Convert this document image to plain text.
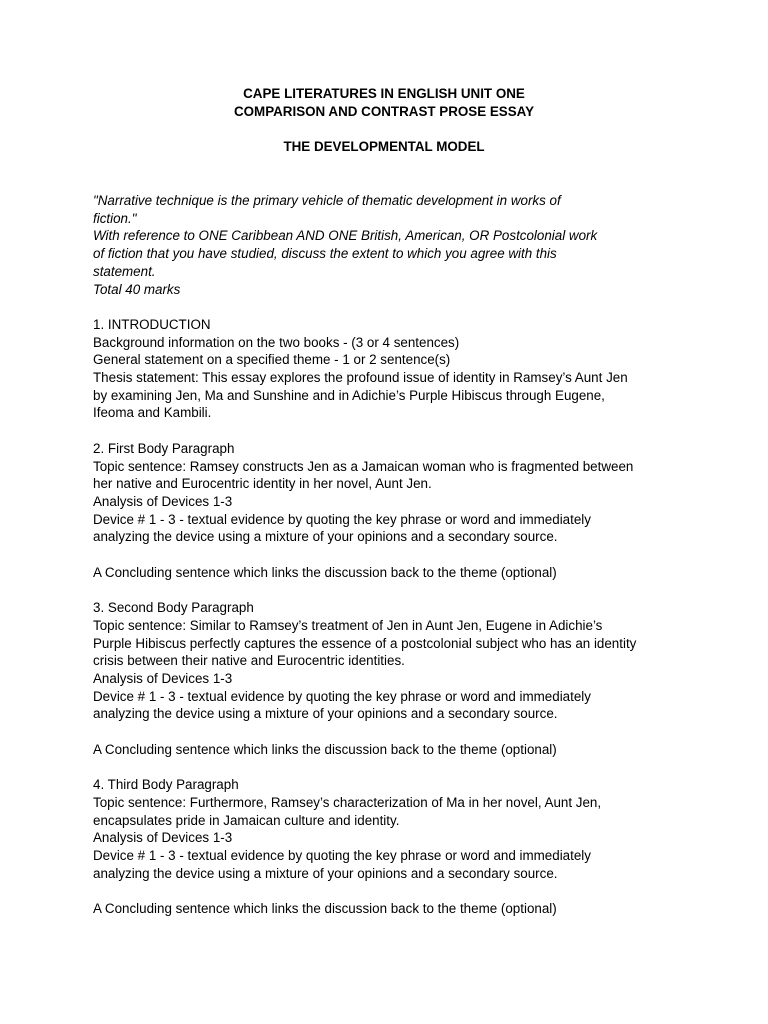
CAPE LITERATURES IN ENGLISH UNIT ONE
COMPARISON AND CONTRAST PROSE ESSAY
THE DEVELOPMENTAL MODEL
"Narrative technique is the primary vehicle of thematic development in works of
fiction."
With reference to ONE Caribbean AND ONE British, American, OR Postcolonial work
of fiction that you have studied, discuss the extent to which you agree with this
statement.
Total 40 marks
1. INTRODUCTION
Background information on the two books - (3 or 4 sentences)
General statement on a specified theme - 1 or 2 sentence(s)
Thesis statement: This essay explores the profound issue of identity in Ramsey’s Aunt Jen
by examining Jen, Ma and Sunshine and in Adichie’s Purple Hibiscus through Eugene,
Ifeoma and Kambili.
2. First Body Paragraph
Topic sentence: Ramsey constructs Jen as a Jamaican woman who is fragmented between
her native and Eurocentric identity in her novel, Aunt Jen.
Analysis of Devices 1-3
Device # 1 - 3 - textual evidence by quoting the key phrase or word and immediately
analyzing the device using a mixture of your opinions and a secondary source.
A Concluding sentence which links the discussion back to the theme (optional)
3. Second Body Paragraph
Topic sentence: Similar to Ramsey’s treatment of Jen in Aunt Jen, Eugene in Adichie’s
Purple Hibiscus perfectly captures the essence of a postcolonial subject who has an identity
crisis between their native and Eurocentric identities.
Analysis of Devices 1-3
Device # 1 - 3 - textual evidence by quoting the key phrase or word and immediately
analyzing the device using a mixture of your opinions and a secondary source.
A Concluding sentence which links the discussion back to the theme (optional)
4. Third Body Paragraph
Topic sentence: Furthermore, Ramsey’s characterization of Ma in her novel, Aunt Jen,
encapsulates pride in Jamaican culture and identity.
Analysis of Devices 1-3
Device # 1 - 3 - textual evidence by quoting the key phrase or word and immediately
analyzing the device using a mixture of your opinions and a secondary source.
A Concluding sentence which links the discussion back to the theme (optional)
